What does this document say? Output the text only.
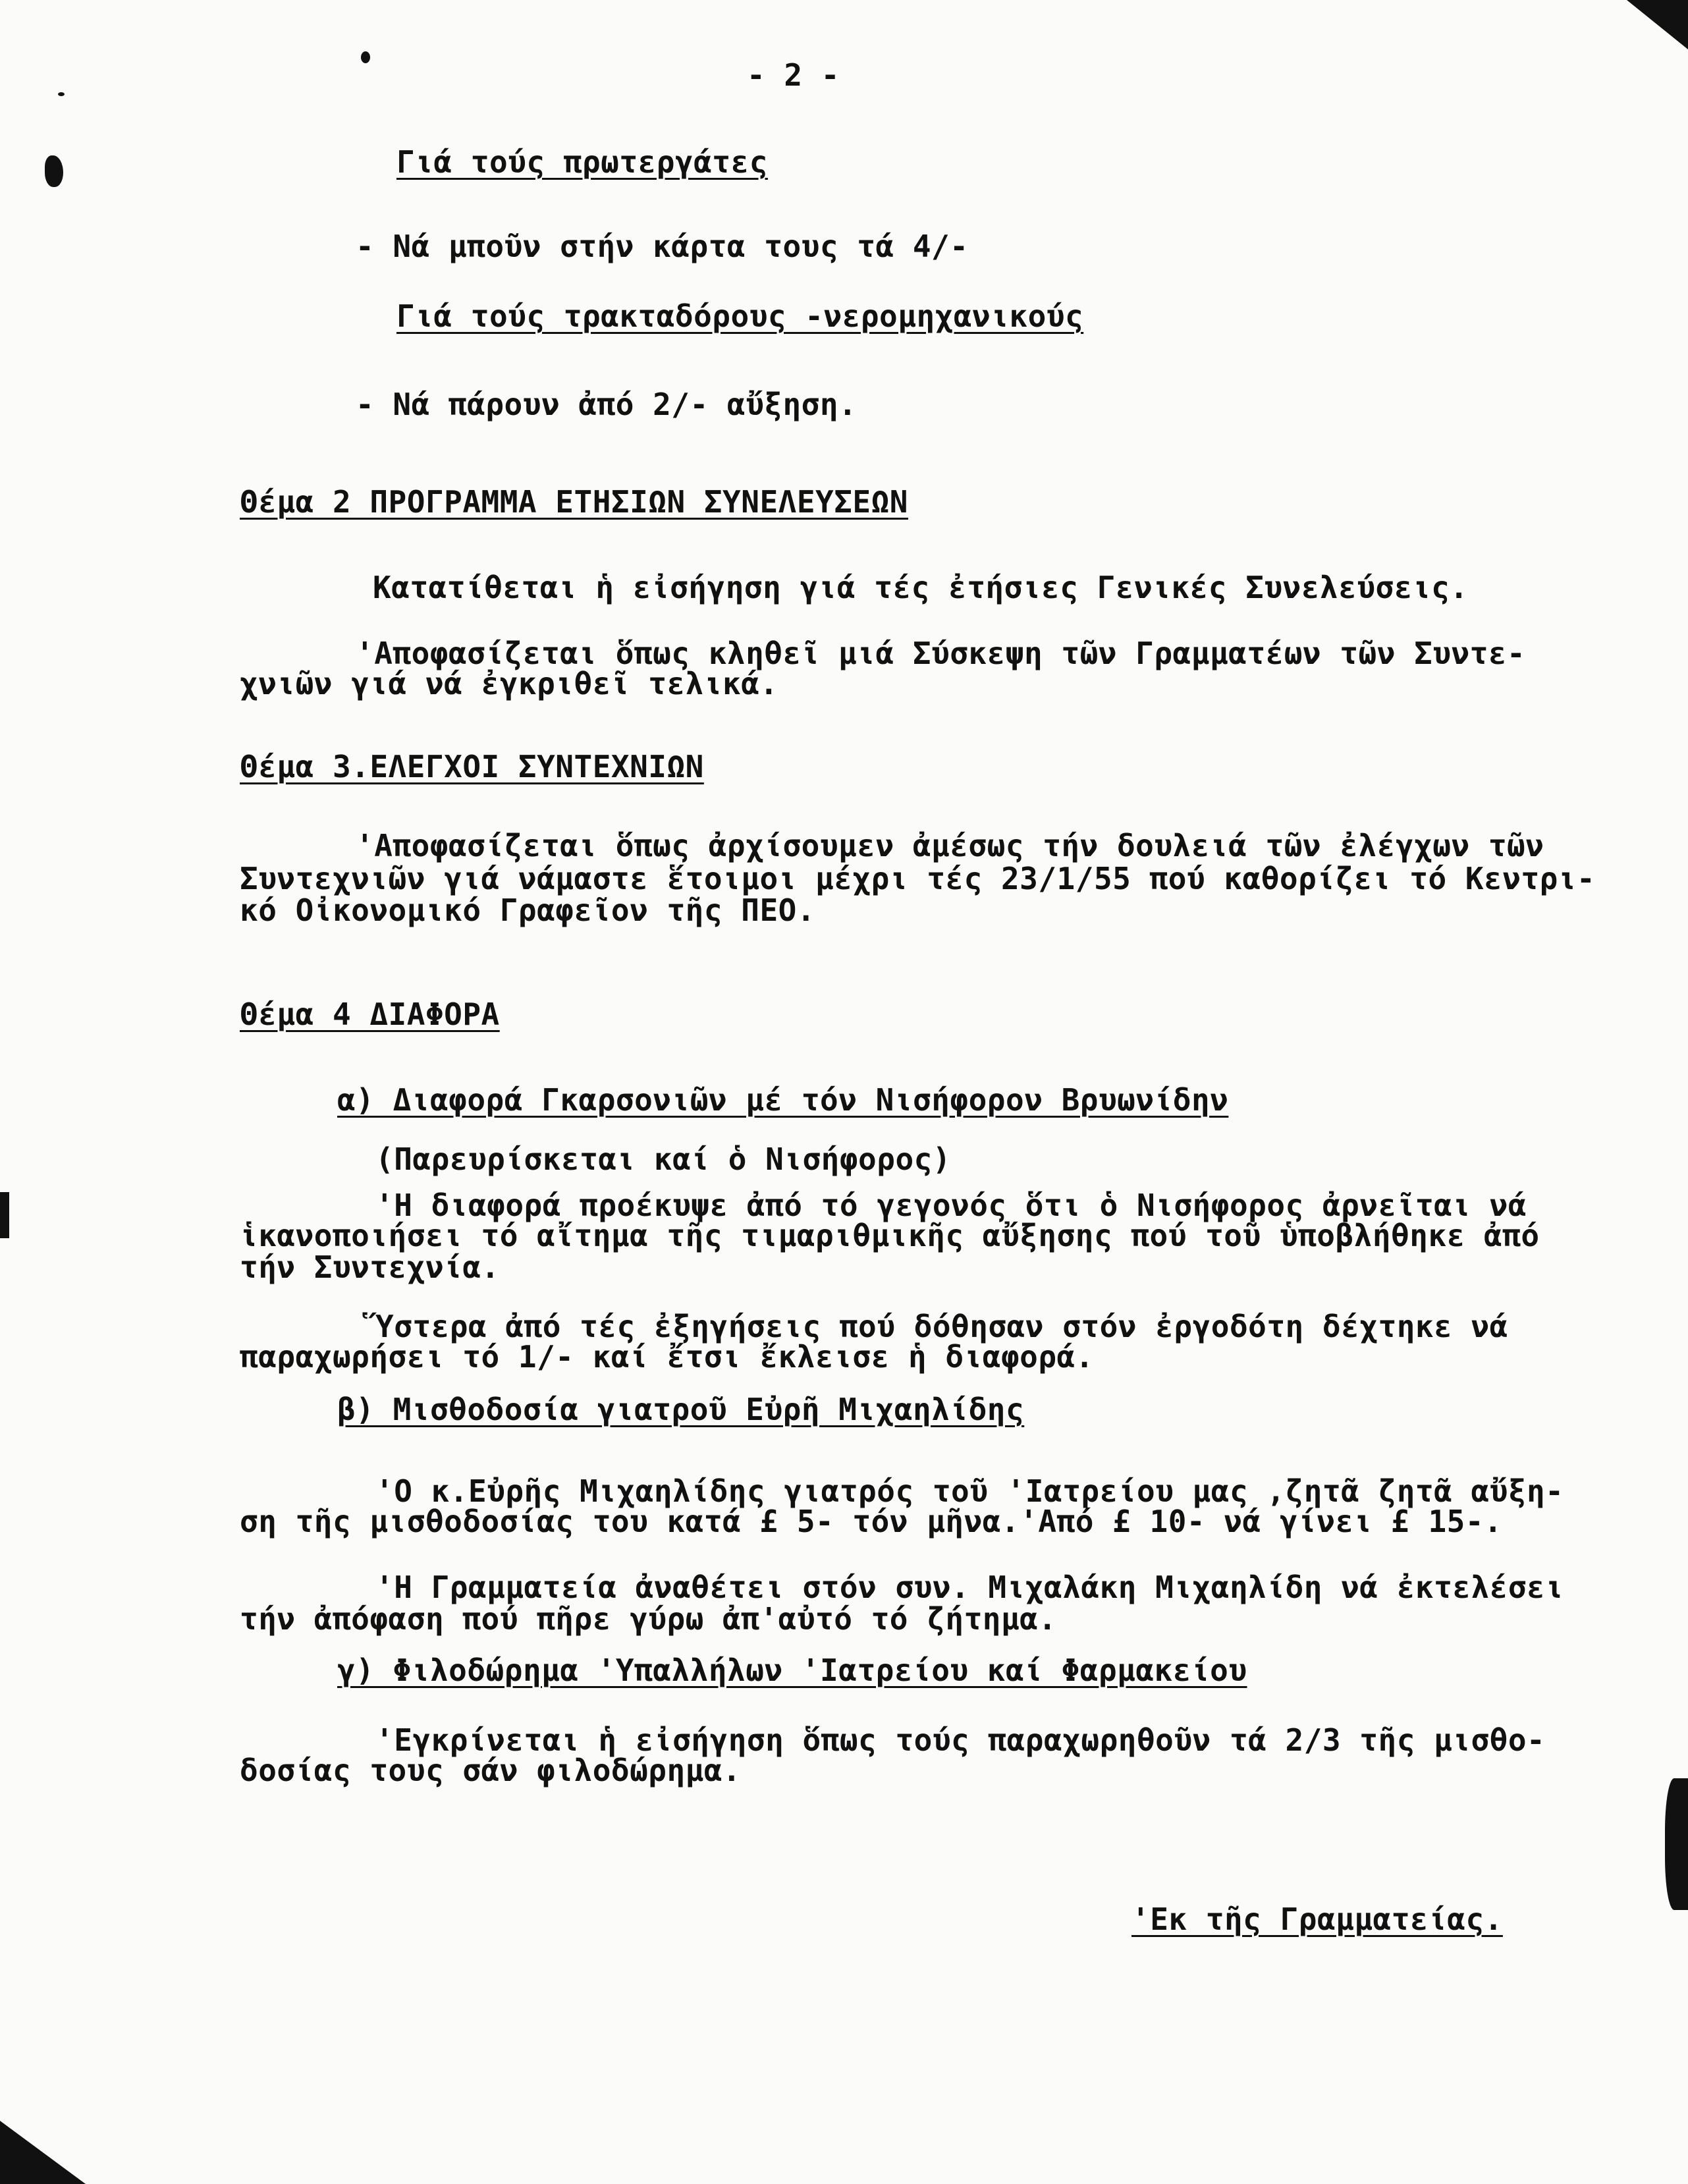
- 2 -
Γιά τούς πρωτεργάτες
- Νά μποῦν στήν κάρτα τους τά 4/-
Γιά τούς τρακταδόρους -νερομηχανικούς
- Νά πάρουν ἀπό 2/- αὔξηση.
Θέμα 2 ΠΡΟΓΡΑΜΜΑ ΕΤΗΣΙΩΝ ΣΥΝΕΛΕΥΣΕΩΝ
Κατατίθεται ἡ εἰσήγηση γιά τές ἐτήσιες Γενικές Συνελεύσεις.
'Αποφασίζεται ὅπως κληθεῖ μιά Σύσκεψη τῶν Γραμματέων τῶν Συντε-
χνιῶν γιά νά ἐγκριθεῖ τελικά.
Θέμα 3.ΕΛΕΓΧΟΙ ΣΥΝΤΕΧΝΙΩΝ
'Αποφασίζεται ὅπως ἀρχίσουμεν ἀμέσως τήν δουλειά τῶν ἐλέγχων τῶν
Συντεχνιῶν γιά νάμαστε ἕτοιμοι μέχρι τές 23/1/55 πού καθορίζει τό Κεντρι-
κό Οἰκονομικό Γραφεῖον τῆς ΠΕΟ.
Θέμα 4 ΔΙΑΦΟΡΑ
α) Διαφορά Γκαρσονιῶν μέ τόν Νισήφορον Βρυωνίδην
(Παρευρίσκεται καί ὁ Νισήφορος)
'Η διαφορά προέκυψε ἀπό τό γεγονός ὅτι ὁ Νισήφορος ἀρνεῖται νά
ἱκανοποιήσει τό αἴτημα τῆς τιμαριθμικῆς αὔξησης πού τοῦ ὑποβλήθηκε ἀπό
τήν Συντεχνία.
Ὕστερα ἀπό τές ἐξηγήσεις πού δόθησαν στόν ἐργοδότη δέχτηκε νά
παραχωρήσει τό 1/- καί ἔτσι ἔκλεισε ἡ διαφορά.
β) Μισθοδοσία γιατροῦ Εὐρῆ Μιχαηλίδης
'Ο κ.Εὐρῆς Μιχαηλίδης γιατρός τοῦ 'Ιατρείου μας ,ζητᾶ ζητᾶ αὔξη-
ση τῆς μισθοδοσίας του κατά £ 5- τόν μῆνα.'Από £ 10- νά γίνει £ 15-.
'Η Γραμματεία ἀναθέτει στόν συν. Μιχαλάκη Μιχαηλίδη νά ἐκτελέσει
τήν ἀπόφαση πού πῆρε γύρω ἀπ'αὐτό τό ζήτημα.
γ) Φιλοδώρημα 'Υπαλλήλων 'Ιατρείου καί Φαρμακείου
'Εγκρίνεται ἡ εἰσήγηση ὅπως τούς παραχωρηθοῦν τά 2/3 τῆς μισθο-
δοσίας τους σάν φιλοδώρημα.
'Εκ τῆς Γραμματείας.
